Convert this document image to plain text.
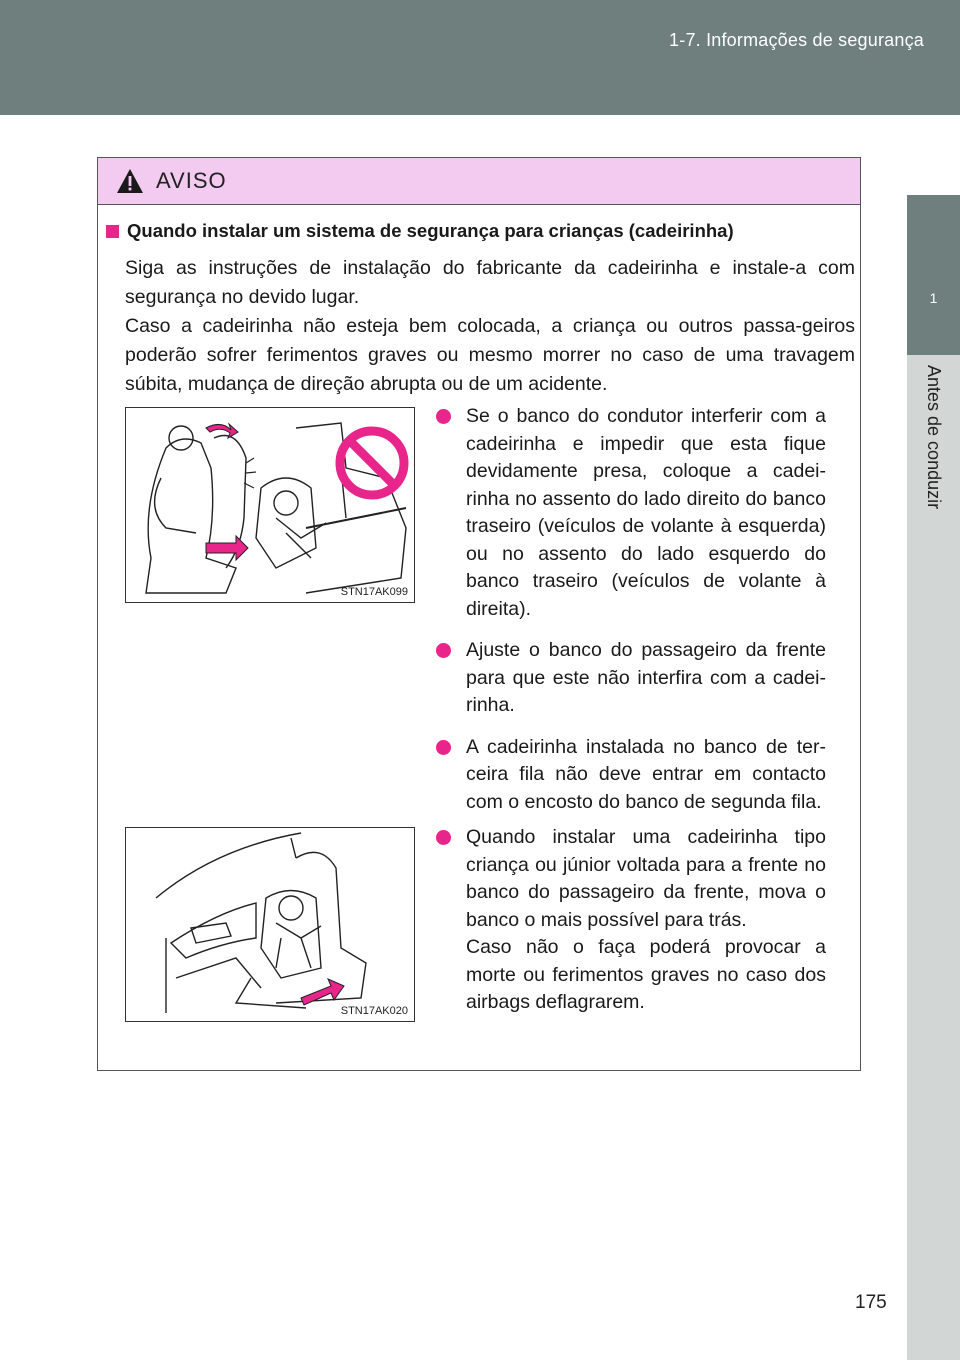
1-7. Informações de segurança
1
Antes de conduzir
AVISO
Quando instalar um sistema de segurança para crianças (cadeirinha)

Siga as instruções de instalação do fabricante da cadeirinha e instale-a com segurança no devido lugar.

Caso a cadeirinha não esteja bem colocada, a criança ou outros passa-geiros poderão sofrer ferimentos graves ou mesmo morrer no caso de uma travagem súbita, mudança de direção abrupta ou de um acidente.

STN17AK099

Se o banco do condutor interferir com a cadeirinha e impedir que esta fique devidamente presa, coloque a cadei-rinha no assento do lado direito do banco traseiro (veículos de volante à esquerda) ou no assento do lado esquerdo do banco traseiro (veículos de volante à direita).

Ajuste o banco do passageiro da frente para que este não interfira com a cadei-rinha.

A cadeirinha instalada no banco de ter-ceira fila não deve entrar em contacto com o encosto do banco de segunda fila.

STN17AK020

Quando instalar uma cadeirinha tipo criança ou júnior voltada para a frente no banco do passageiro da frente, mova o banco o mais possível para trás.

Caso não o faça poderá provocar a morte ou ferimentos graves no caso dos airbags deflagrarem.

175
